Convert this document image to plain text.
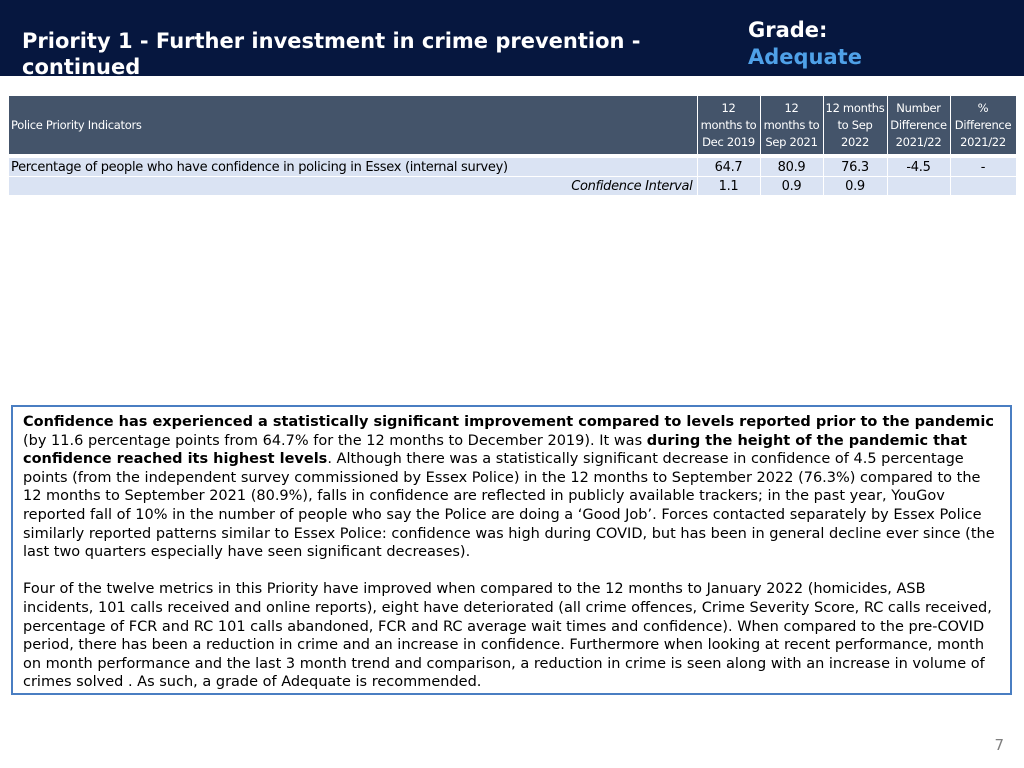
Priority 1 - Further investment in crime prevention - continued
Grade:
Adequate
Police Priority Indicators	12 months to Dec 2019	12 months to Sep 2021	12 months to Sep 2022	Number Difference 2021/22	% Difference 2021/22

Percentage of people who have confidence in policing in Essex (internal survey)	64.7	80.9	76.3	-4.5	-
Confidence Interval	1.1	0.9	0.9		

Confidence has experienced a statistically significant improvement compared to levels reported prior to the pandemic (by 11.6 percentage points from 64.7% for the 12 months to December 2019). It was during the height of the pandemic that confidence reached its highest levels. Although there was a statistically significant decrease in confidence of 4.5 percentage points (from the independent survey commissioned by Essex Police) in the 12 months to September 2022 (76.3%) compared to the 12 months to September 2021 (80.9%), falls in confidence are reflected in publicly available trackers; in the past year, YouGov reported fall of 10% in the number of people who say the Police are doing a ‘Good Job’. Forces contacted separately by Essex Police similarly reported patterns similar to Essex Police: confidence was high during COVID, but has been in general decline ever since (the last two quarters especially have seen significant decreases).

Four of the twelve metrics in this Priority have improved when compared to the 12 months to January 2022 (homicides, ASB incidents, 101 calls received and online reports), eight have deteriorated (all crime offences, Crime Severity Score, RC calls received, percentage of FCR and RC 101 calls abandoned, FCR and RC average wait times and confidence). When compared to the pre-COVID period, there has been a reduction in crime and an increase in confidence. Furthermore when looking at recent performance, month on month performance and the last 3 month trend and comparison, a reduction in crime is seen along with an increase in volume of crimes solved . As such, a grade of Adequate is recommended.

7
